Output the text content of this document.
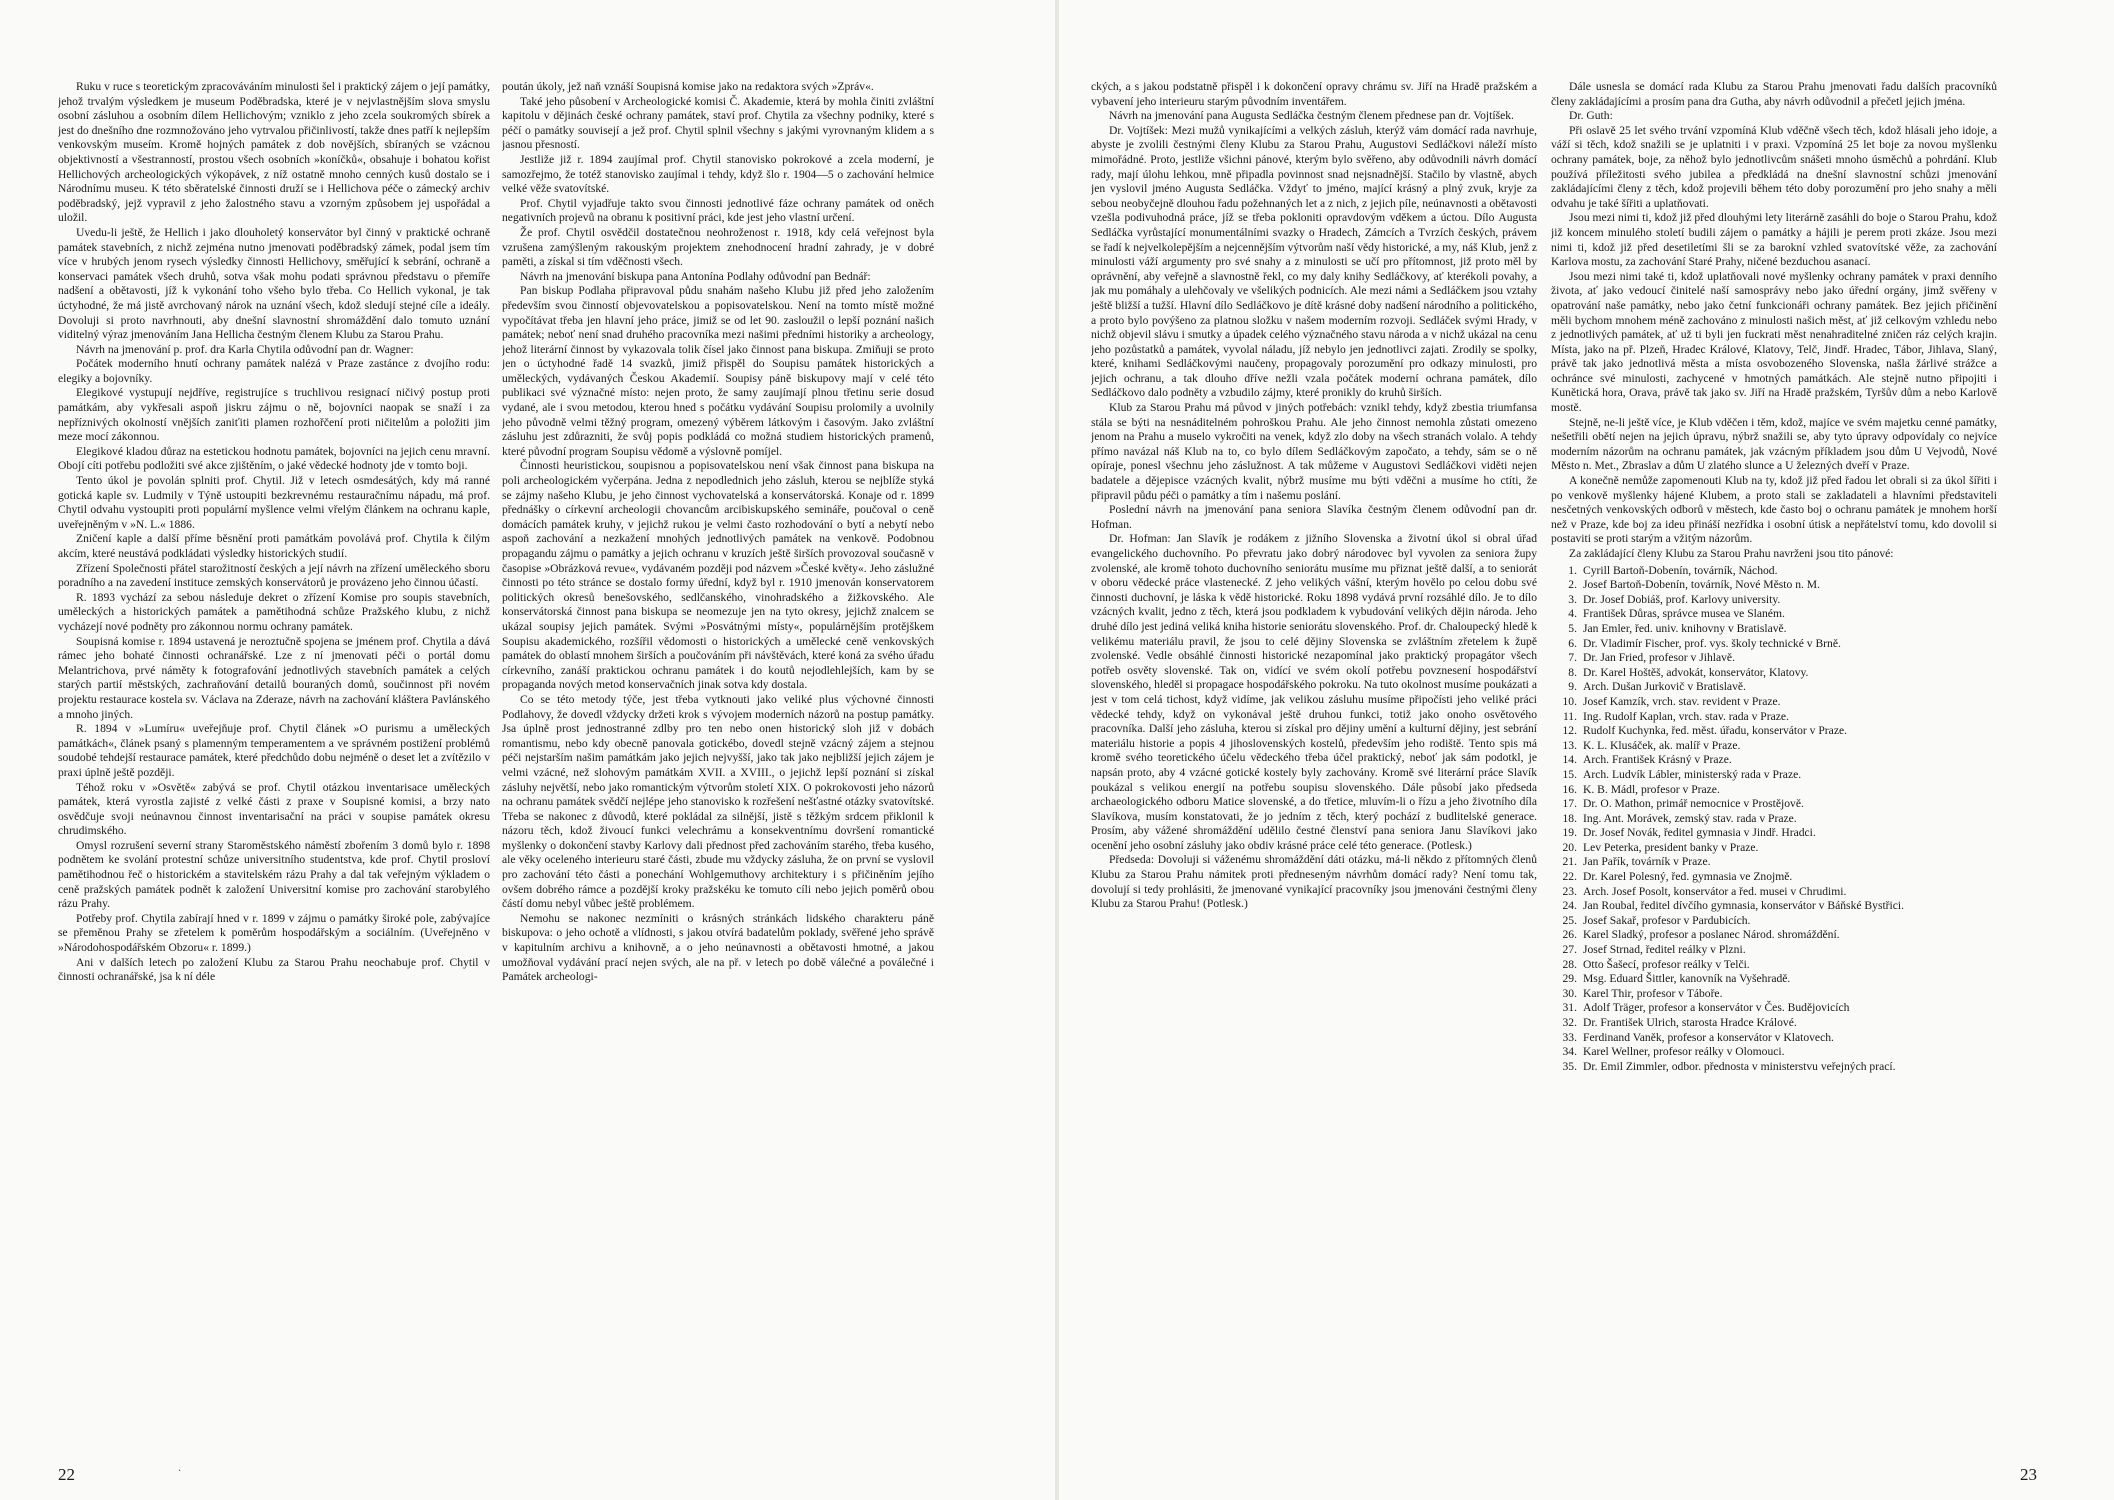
Ruku v ruce s teoretickým zpracováváním minulosti šel i praktický zájem o její památky, jehož trvalým výsledkem je museum Poděbradska, které je v nejvlastnějším slova smyslu osobní zásluhou a osobním dílem Hellichovým; vzniklo z jeho zcela soukromých sbírek a jest do dnešního dne rozmnožováno jeho vytrvalou přičinlivostí, takže dnes patří k nejlepším venkovským museím. Kromě hojných památek z dob novějších, sbíraných se vzácnou objektivností a všestranností, prostou všech osobních »koníčků«, obsahuje i bohatou kořist Hellichových archeologických výkopávek, z níž ostatně mnoho cenných kusů dostalo se i Národnímu museu. K této sběratelské činnosti druží se i Hellichova péče o zámecký archiv poděbradský, jejž vypravil z jeho žalostného stavu a vzorným způsobem jej uspořádal a uložil.

Uvedu-li ještě, že Hellich i jako dlouholetý konservátor byl činný v praktické ochraně památek stavebních, z nichž zejména nutno jmenovati poděbradský zámek, podal jsem tím více v hrubých jenom rysech výsledky činnosti Hellichovy, směřující k sebrání, ochraně a konservaci památek všech druhů, sotva však mohu podati správnou představu o přemíře nadšení a obětavosti, jíž k vykonání toho všeho bylo třeba. Co Hellich vykonal, je tak úctyhodné, že má jistě avrchovaný nárok na uznání všech, kdož sledují stejné cíle a ideály. Dovoluji si proto navrhnouti, aby dnešní slavnostní shromáždění dalo tomuto uznání viditelný výraz jmenováním Jana Hellicha čestným členem Klubu za Starou Prahu.

Návrh na jmenování p. prof. dra Karla Chytila odůvodní pan dr. Wagner:

Počátek moderního hnutí ochrany památek nalézá v Praze zastánce z dvojího rodu: elegiky a bojovníky.

Elegikové vystupují nejdříve, registrujíce s truchlivou resignací ničivý postup proti památkám, aby vykřesali aspoň jiskru zájmu o ně, bojovníci naopak se snaží i za nepříznivých okolností vnějších zaniťiti plamen rozhořčení proti ničitelům a položiti jim meze mocí zákonnou.

Elegikové kladou důraz na estetickou hodnotu památek, bojovníci na jejich cenu mravní. Obojí cíti potřebu podložiti své akce zjištěním, o jaké vědecké hodnoty jde v tomto boji.

Tento úkol je povolán splniti prof. Chytil. Již v letech osmdesátých, kdy má ranné gotická kaple sv. Ludmily v Týně ustoupiti bezkrevnému restauračnímu nápadu, má prof. Chytil odvahu vystoupiti proti populární myšlence velmi vřelým článkem na ochranu kaple, uveřejněným v »N. L.« 1886.

Zničení kaple a další příme běsnění proti památkám povolává prof. Chytila k čilým akcím, které neustává podkládati výsledky historických studií.

Zřízení Společnosti přátel starožitností českých a její návrh na zřízení uměleckého sboru poradního a na zavedení instituce zemských konservátorů je provázeno jeho činnou účastí.

R. 1893 vychází za sebou následuje dekret o zřízení Komise pro soupis stavebních, uměleckých a historických památek a pamětihodná schůze Pražského klubu, z nichž vycházejí nové podněty pro zákonnou normu ochrany památek.

Soupisná komise r. 1894 ustavená je neroztučně spojena se jménem prof. Chytila a dává rámec jeho bohaté činnosti ochranářské. Lze z ní jmenovati péči o portál domu Melantrichova, prvé náměty k fotografování jednotlivých stavebních památek a celých starých partií městských, zachraňování detailů bouraných domů, součinnost při novém projektu restaurace kostela sv. Václava na Zderaze, návrh na zachování kláštera Pavlánského a mnoho jiných.

R. 1894 v »Lumíru« uveřejňuje prof. Chytil článek »O purismu a uměleckých památkách«, článek psaný s plamenným temperamentem a ve správném postižení problémů soudobé tehdejší restaurace památek, které předchůdo dobu nejméně o deset let a zvítězilo v praxi úplně ještě později.

Téhož roku v »Osvětě« zabývá se prof. Chytil otázkou inventarisace uměleckých památek, která vyrostla zajisté z velké části z praxe v Soupisné komisi, a brzy nato osvědčuje svoji neúnavnou činnost inventarisační na práci v soupise památek okresu chrudimského.

Omysl rozrušení severní strany Staroměstského náměstí zbořením 3 domů bylo r. 1898 podnětem ke svolání protestní schůze universitního studentstva, kde prof. Chytil prosloví pamětihodnou řeč o historickém a stavitelském rázu Prahy a dal tak veřejným výkladem o ceně pražských památek podnět k založení Universitní komise pro zachování starobylého rázu Prahy.

Potřeby prof. Chytila zabírají hned v r. 1899 v zájmu o památky široké pole, zabývajíce se přeměnou Prahy se zřetelem k poměrům hospodářským a sociálním. (Uveřejněno v »Národohospodářském Obzoru« r. 1899.)

Ani v dalších letech po založení Klubu za Starou Prahu neochabuje prof. Chytil v činnosti ochranářské, jsa k ní déle

poután úkoly, jež naň vznáší Soupisná komise jako na redaktora svých »Zpráv«.

Také jeho působení v Archeologické komisi Č. Akademie, která by mohla činiti zvláštní kapitolu v dějinách české ochrany památek, staví prof. Chytila za všechny podniky, které s péčí o památky souvisejí a jež prof. Chytil splnil všechny s jakými vyrovnaným klidem a s jasnou přesností.

Jestliže již r. 1894 zaujímal prof. Chytil stanovisko pokrokové a zcela moderní, je samozřejmo, že totéž stanovisko zaujímal i tehdy, když šlo r. 1904—5 o zachování helmice velké věže svatovítské.

Prof. Chytil vyjadřuje takto svou činnosti jednotlivé fáze ochrany památek od oněch negativních projevů na obranu k positivní práci, kde jest jeho vlastní určení.

Že prof. Chytil osvědčil dostatečnou neohroženost r. 1918, kdy celá veřejnost byla vzrušena zamýšleným rakouským projektem znehodnocení hradní zahrady, je v dobré paměti, a získal si tím vděčnosti všech.

Návrh na jmenování biskupa pana Antonína Podlahy odůvodní pan Bednář:

Pan biskup Podlaha připravoval půdu snahám našeho Klubu již před jeho založením především svou činností objevovatelskou a popisovatelskou. Není na tomto místě možné vypočítávat třeba jen hlavní jeho práce, jimiž se od let 90. zasloužil o lepší poznání našich památek; neboť není snad druhého pracovníka mezi našimi předními historiky a archeology, jehož literární činnost by vykazovala tolik čísel jako činnost pana biskupa. Zmiňuji se proto jen o úctyhodné řadě 14 svazků, jimiž přispěl do Soupisu památek historických a uměleckých, vydávaných Českou Akademií. Soupisy páně biskupovy mají v celé této publikaci své význačné místo: nejen proto, že samy zaujímají plnou třetinu serie dosud vydané, ale i svou metodou, kterou hned s počátku vydávání Soupisu prolomily a uvolnily jeho původně velmi těžný program, omezený výběrem látkovým i časovým. Jako zvláštní zásluhu jest zdůrazniti, že svůj popis podkládá co možná studiem historických pramenů, které původní program Soupisu vědomě a výslovně pomíjel.

Činnosti heuristickou, soupisnou a popisovatelskou není však činnost pana biskupa na poli archeologickém vyčerpána. Jedna z nepodlednich jeho zásluh, kterou se nejblíže styká se zájmy našeho Klubu, je jeho činnost vychovatelská a konservátorská. Konaje od r. 1899 přednášky o církevní archeologii chovancům arcibiskupského semináře, poučoval o ceně domácích památek kruhy, v jejichž rukou je velmi často rozhodování o bytí a nebytí nebo aspoň zachování a nezkažení mnohých jednotlivých památek na venkově. Podobnou propagandu zájmu o památky a jejich ochranu v kruzích ještě širších provozoval současně v časopise »Obrázková revue«, vydávaném později pod názvem »České květy«. Jeho záslužné činnosti po této stránce se dostalo formy úřední, když byl r. 1910 jmenován konservatorem politických okresů benešovského, sedlčanského, vinohradského a žižkovského. Ale konservátorská činnost pana biskupa se neomezuje jen na tyto okresy, jejichž znalcem se ukázal soupisy jejich památek. Svými »Posvátnými místy«, populárnějším protějškem Soupisu akademického, rozšířil vědomosti o historických a umělecké ceně venkovských památek do oblastí mnohem širších a poučováním při návštěvách, které koná za svého úřadu církevního, zanáší praktickou ochranu památek i do koutů nejodlehlejších, kam by se propaganda nových metod konservačních jinak sotva kdy dostala.

Co se této metody týče, jest třeba vytknouti jako veliké plus výchovné činnosti Podlahovy, že dovedl vždycky držeti krok s vývojem moderních názorů na postup památky. Jsa úplně prost jednostranné zdlby pro ten nebo onen historický sloh již v dobách romantismu, nebo kdy obecně panovala gotickébo, dovedl stejně vzácný zájem a stejnou péči nejstarším našim památkám jako jejich nejvyšší, jako tak jako nejbližší jejich zájem je velmi vzácné, než slohovým památkám XVII. a XVIII., o jejichž lepší poznání si získal zásluhy největší, nebo jako romantickým výtvorům století XIX. O pokrokovosti jeho názorů na ochranu památek svědčí nejlépe jeho stanovisko k rozřešení nešťastné otázky svatovítské. Třeba se nakonec z důvodů, které pokládal za silnější, jistě s těžkým srdcem přiklonil k názoru těch, kdož živoucí funkci velechrámu a konsekventnímu dovršení romantické myšlenky o dokončení stavby Karlovy dali přednost před zachováním starého, třeba kusého, ale věky oceleného interieuru staré části, zbude mu vždycky zásluha, že on první se vyslovil pro zachování této části a ponechání Wohlgemuthovy architektury i s přičiněním jejího ovšem dobrého rámce a pozdější kroky pražskéku ke tomuto cíli nebo jejich poměrů obou částí domu nebyl vůbec ještě problémem.

Nemohu se nakonec nezmíniti o krásných stránkách lidského charakteru páně biskupova: o jeho ochotě a vlídnosti, s jakou otvírá badatelům poklady, svěřené jeho správě v kapitulním archivu a knihovně, a o jeho neúnavnosti a obětavosti hmotné, a jakou umožňoval vydávání prací nejen svých, ale na př. v letech po době válečné a poválečné i Památek archeologi-

22	·

ckých, a s jakou podstatně přispěl i k dokončení opravy chrámu sv. Jiří na Hradě pražském a vybavení jeho interieuru starým původním inventářem.

Návrh na jmenování pana Augusta Sedláčka čestným členem přednese pan dr. Vojtíšek.

Dr. Vojtíšek: Mezi mužů vynikajícími a velkých zásluh, kterýž vám domácí rada navrhuje, abyste je zvolili čestnými členy Klubu za Starou Prahu, Augustovi Sedláčkovi náleží místo mimořádné. Proto, jestliže všichni pánové, kterým bylo svěřeno, aby odůvodnili návrh domácí rady, mají úlohu lehkou, mně připadla povinnost snad nejsnadnější. Stačilo by vlastně, abych jen vyslovil jméno Augusta Sedláčka. Vždyť to jméno, mající krásný a plný zvuk, kryje za sebou neobyčejně dlouhou řadu požehnaných let a z nich, z jejich píle, neúnavnosti a obětavosti vzešla podivuhodná práce, jíž se třeba pokloniti opravdovým vděkem a úctou. Dílo Augusta Sedláčka vyrůstající monumentálními svazky o Hradech, Zámcích a Tvrzích českých, právem se řadí k nejvelkolepějším a nejcennějším výtvorům naší vědy historické, a my, náš Klub, jenž z minulosti váží argumenty pro své snahy a z minulosti se učí pro přítomnost, již proto měl by oprávnění, aby veřejně a slavnostně řekl, co my daly knihy Sedláčkovy, ať kterékoli povahy, a jak mu pomáhaly a ulehčovaly ve všelikých podnicích. Ale mezi námi a Sedláčkem jsou vztahy ještě bližší a tužší. Hlavní dílo Sedláčkovo je dítě krásné doby nadšení národního a politického, a proto bylo povýšeno za platnou složku v našem moderním rozvoji. Sedláček svými Hrady, v nichž objevil slávu i smutky a úpadek celého význačného stavu národa a v nichž ukázal na cenu jeho pozůstatků a památek, vyvolal náladu, jíž nebylo jen jednotlivci zajati. Zrodily se spolky, které, knihami Sedláčkovými naučeny, propagovaly porozumění pro odkazy minulosti, pro jejich ochranu, a tak dlouho dříve nežli vzala počátek moderní ochrana památek, dílo Sedláčkovo dalo podněty a vzbudilo zájmy, které pronikly do kruhů širších.

Klub za Starou Prahu má původ v jiných potřebách: vznikl tehdy, když zbestia triumfansa stála se býti na nesnáditelném pohroškou Prahu. Ale jeho činnost nemohla zůstati omezeno jenom na Prahu a muselo vykročiti na venek, když zlo doby na všech stranách volalo. A tehdy přímo navázal náš Klub na to, co bylo dílem Sedláčkovým započato, a tehdy, sám se o ně opíraje, ponesl všechnu jeho záslužnost. A tak můžeme v Augustovi Sedláčkovi viděti nejen badatele a dějepisce vzácných kvalit, nýbrž musíme mu býti vděčni a musíme ho ctíti, že připravil půdu péči o památky a tím i našemu poslání.

Poslední návrh na jmenování pana seniora Slavíka čestným členem odůvodní pan dr. Hofman.

Dr. Hofman: Jan Slavík je rodákem z jižního Slovenska a životní úkol si obral úřad evangelického duchovního. Po převratu jako dobrý národovec byl vyvolen za seniora župy zvolenské, ale kromě tohoto duchovního seniorátu musíme mu přiznat ještě další, a to seniorát v oboru vědecké práce vlastenecké. Z jeho velikých vášní, kterým hovělo po celou dobu své činnosti duchovní, je láska k vědě historické. Roku 1898 vydává první rozsáhlé dílo. Je to dílo vzácných kvalit, jedno z těch, která jsou podkladem k vybudování velikých dějin národa. Jeho druhé dílo jest jediná veliká kniha historie seniorátu slovenského. Prof. dr. Chaloupecký hledě k velikému materiálu pravil, že jsou to celé dějiny Slovenska se zvláštním zřetelem k župě zvolenské. Vedle obsáhlé činnosti historické nezapomínal jako praktický propagátor všech potřeb osvěty slovenské. Tak on, vidící ve svém okolí potřebu povznesení hospodářství slovenského, hleděl si propagace hospodářského pokroku. Na tuto okolnost musíme poukázati a jest v tom celá tichost, když vidíme, jak velikou zásluhu musíme připočísti jeho veliké práci vědecké tehdy, když on vykonával ještě druhou funkci, totiž jako onoho osvětového pracovníka. Další jeho zásluha, kterou si získal pro dějiny umění a kulturní dějiny, jest sebrání materiálu historie a popis 4 jihoslovenských kostelů, především jeho rodiště. Tento spis má kromě svého teoretického účelu vědeckého třeba účel praktický, neboť jak sám podotkl, je napsán proto, aby 4 vzácné gotické kostely byly zachovány. Kromě své literární práce Slavík poukázal s velikou energií na potřebu soupisu slovenského. Dále působí jako předseda archaeologického odboru Matice slovenské, a do třetice, mluvím-li o řízu a jeho životního díla Slavíkova, musím konstatovati, že jo jedním z těch, který pochází z budlitelské generace. Prosím, aby vážené shromáždění udělilo čestné členství pana seniora Janu Slavíkovi jako ocenění jeho osobní zásluhy jako obdiv krásné práce celé této generace. (Potlesk.)

Předseda: Dovoluji si váženému shromáždění dáti otázku, má-li někdo z přítomných členů Klubu za Starou Prahu námitek proti předneseným návrhům domácí rady? Není tomu tak, dovolují si tedy prohlásiti, že jmenované vynikající pracovníky jsou jmenováni čestnými členy Klubu za Starou Prahu! (Potlesk.)

Dále usnesla se domácí rada Klubu za Starou Prahu jmenovati řadu dalších pracovníků členy zakládajícími a prosím pana dra Gutha, aby návrh odůvodnil a přečetl jejich jména.

Dr. Guth:

Při oslavě 25 let svého trvání vzpomíná Klub vděčně všech těch, kdož hlásali jeho idoje, a váží si těch, kdož snažili se je uplatniti i v praxi. Vzpomíná 25 let boje za novou myšlenku ochrany památek, boje, za něhož bylo jednotlivcům snášeti mnoho úsměchů a pohrdání. Klub používá příležitosti svého jubilea a předkládá na dnešní slavnostní schůzi jmenování zakládajícími členy z těch, kdož projevili během této doby porozumění pro jeho snahy a měli odvahu je také šířiti a uplatňovati.

Jsou mezi nimi ti, kdož již před dlouhými lety literárně zasáhli do boje o Starou Prahu, kdož již koncem minulého století budili zájem o památky a hájili je perem proti zkáze. Jsou mezi nimi ti, kdož již před desetiletími šli se za barokní vzhled svatovítské věže, za zachování Karlova mostu, za zachování Staré Prahy, ničené bezduchou asanací.

Jsou mezi nimi také ti, kdož uplatňovali nové myšlenky ochrany památek v praxi denního života, ať jako vedoucí činitelé naší samosprávy nebo jako úřední orgány, jimž svěřeny v opatrování naše památky, nebo jako četní funkcionáři ochrany památek. Bez jejich přičinění měli bychom mnohem méně zachováno z minulosti našich měst, ať již celkovým vzhledu nebo z jednotlivých památek, ať už ti byli jen fuckrati měst nenahraditelné zničen ráz celých krajin. Místa, jako na př. Plzeň, Hradec Králové, Klatovy, Telč, Jindř. Hradec, Tábor, Jihlava, Slaný, právě tak jako jednotlivá města a místa osvobozeného Slovenska, našla žárlivé strážce a ochránce své minulosti, zachycené v hmotných památkách. Ale stejně nutno připojiti i Kunětická hora, Orava, právě tak jako sv. Jiří na Hradě pražském, Tyršův dům a nebo Karlově mostě.

Stejně, ne-li ještě více, je Klub vděčen i těm, kdož, majíce ve svém majetku cenné památky, nešetřili obětí nejen na jejich úpravu, nýbrž snažili se, aby tyto úpravy odpovídaly co nejvíce moderním názorům na ochranu památek, jak vzácným příkladem jsou dům U Vejvodů, Nové Město n. Met., Zbraslav a dům U zlatého slunce a U železných dveří v Praze.

A konečně nemůže zapomenouti Klub na ty, kdož již před řadou let obrali si za úkol šířiti i po venkově myšlenky hájené Klubem, a proto stali se zakladateli a hlavními představiteli nesčetných venkovských odborů v městech, kde často boj o ochranu památek je mnohem horší než v Praze, kde boj za ideu přináší nezřídka i osobní útisk a nepřátelství tomu, kdo dovolil si postaviti se proti starým a vžitým názorům.

Za zakládající členy Klubu za Starou Prahu navrženi jsou tito pánové:

1. Cyrill Bartoň-Dobenín, továrník, Náchod.
2. Josef Bartoň-Dobenín, továrník, Nové Město n. M.
3. Dr. Josef Dobiáš, prof. Karlovy university.
4. František Důras, správce musea ve Slaném.
5. Jan Emler, řed. univ. knihovny v Bratislavě.
6. Dr. Vladimír Fischer, prof. vys. školy technické v Brně.
7. Dr. Jan Fried, profesor v Jihlavě.
8. Dr. Karel Hoštěš, advokát, konservátor, Klatovy.
9. Arch. Dušan Jurkovič v Bratislavě.
10. Josef Kamzík, vrch. stav. revident v Praze.
11. Ing. Rudolf Kaplan, vrch. stav. rada v Praze.
12. Rudolf Kuchynka, řed. měst. úřadu, konservátor v Praze.
13. K. L. Klusáček, ak. malíř v Praze.
14. Arch. František Krásný v Praze.
15. Arch. Ludvík Lábler, ministerský rada v Praze.
16. K. B. Mádl, profesor v Praze.
17. Dr. O. Mathon, primář nemocnice v Prostějově.
18. Ing. Ant. Morávek, zemský stav. rada v Praze.
19. Dr. Josef Novák, ředitel gymnasia v Jindř. Hradci.
20. Lev Peterka, president banky v Praze.
21. Jan Pařík, továrník v Praze.
22. Dr. Karel Polesný, řed. gymnasia ve Znojmě.
23. Arch. Josef Posolt, konservátor a řed. musei v Chrudimi.
24. Jan Roubal, ředitel dívčího gymnasia, konservátor v Báňské Bystřici.
25. Josef Sakař, profesor v Pardubicích.
26. Karel Sladký, profesor a poslanec Národ. shromáždění.
27. Josef Strnad, ředitel reálky v Plzni.
28. Otto Šašecí, profesor reálky v Telči.
29. Msg. Eduard Šittler, kanovník na Vyšehradě.
30. Karel Thir, profesor v Táboře.
31. Adolf Träger, profesor a konservátor v Čes. Budějovicích
32. Dr. František Ulrich, starosta Hradce Králové.
33. Ferdinand Vaněk, profesor a konservátor v Klatovech.
34. Karel Wellner, profesor reálky v Olomouci.
35. Dr. Emil Zimmler, odbor. přednosta v ministerstvu veřejných prací.
23
